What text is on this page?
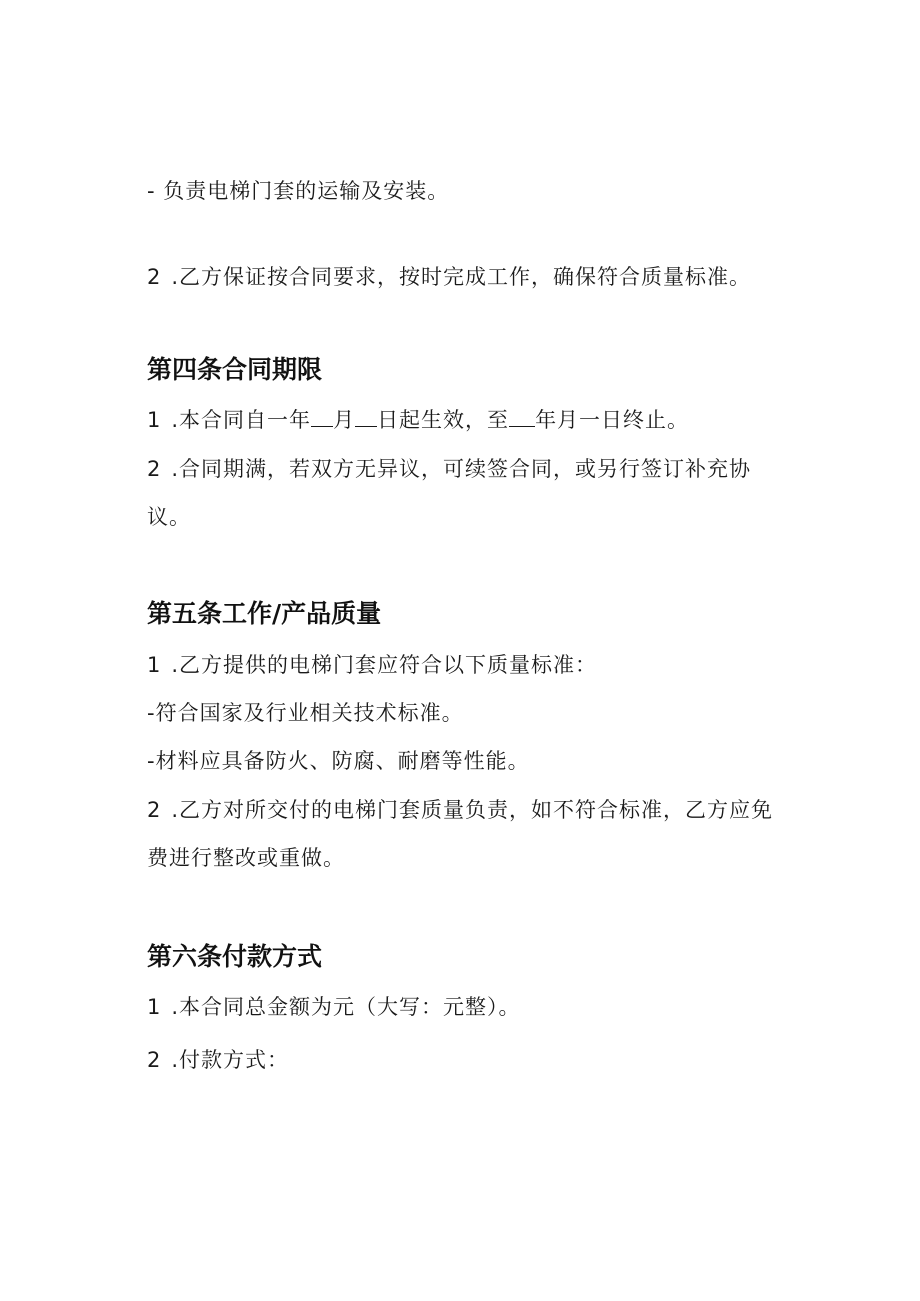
- 负责电梯门套的运输及安装。
2 .乙方保证按合同要求，按时完成工作，确保符合质量标准。
第四条合同期限
1 .本合同自一年 月 日起生效，至 年月一日终止。
2 .合同期满，若双方无异议，可续签合同，或另行签订补充协
议。
第五条工作/产品质量
1 .乙方提供的电梯门套应符合以下质量标准：
-符合国家及行业相关技术标准。
-材料应具备防火、防腐、耐磨等性能。
2 .乙方对所交付的电梯门套质量负责，如不符合标准，乙方应免
费进行整改或重做。
第六条付款方式
1 .本合同总金额为元（大写：元整）。
2 .付款方式：
